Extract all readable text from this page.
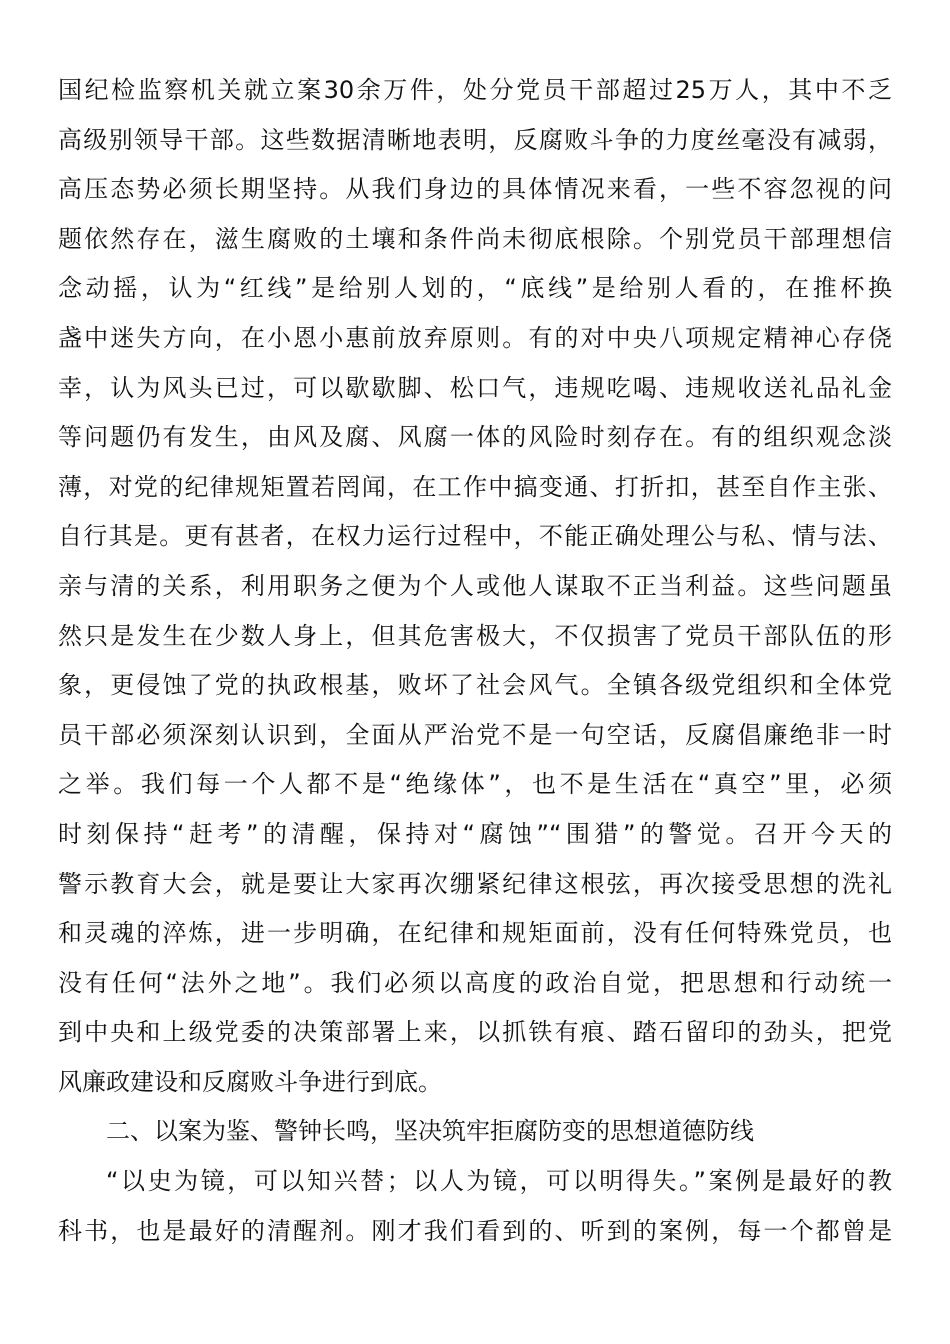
国纪检监察机关就立案30余万件，处分党员干部超过25万人，其中不乏
高级别领导干部。这些数据清晰地表明，反腐败斗争的力度丝毫没有减弱，
高压态势必须长期坚持。从我们身边的具体情况来看，一些不容忽视的问
题依然存在，滋生腐败的土壤和条件尚未彻底根除。个别党员干部理想信
念动摇，认为“红线”是给别人划的，“底线”是给别人看的，在推杯换
盏中迷失方向，在小恩小惠前放弃原则。有的对中央八项规定精神心存侥
幸，认为风头已过，可以歇歇脚、松口气，违规吃喝、违规收送礼品礼金
等问题仍有发生，由风及腐、风腐一体的风险时刻存在。有的组织观念淡
薄，对党的纪律规矩置若罔闻，在工作中搞变通、打折扣，甚至自作主张、
自行其是。更有甚者，在权力运行过程中，不能正确处理公与私、情与法、
亲与清的关系，利用职务之便为个人或他人谋取不正当利益。这些问题虽
然只是发生在少数人身上，但其危害极大，不仅损害了党员干部队伍的形
象，更侵蚀了党的执政根基，败坏了社会风气。全镇各级党组织和全体党
员干部必须深刻认识到，全面从严治党不是一句空话，反腐倡廉绝非一时
之举。我们每一个人都不是“绝缘体”，也不是生活在“真空”里，必须
时刻保持“赶考”的清醒，保持对“腐蚀”“围猎”的警觉。召开今天的
警示教育大会，就是要让大家再次绷紧纪律这根弦，再次接受思想的洗礼
和灵魂的淬炼，进一步明确，在纪律和规矩面前，没有任何特殊党员，也
没有任何“法外之地”。我们必须以高度的政治自觉，把思想和行动统一
到中央和上级党委的决策部署上来，以抓铁有痕、踏石留印的劲头，把党
风廉政建设和反腐败斗争进行到底。
二、以案为鉴、警钟长鸣，坚决筑牢拒腐防变的思想道德防线
“以史为镜，可以知兴替；以人为镜，可以明得失。”案例是最好的教
科书，也是最好的清醒剂。刚才我们看到的、听到的案例，每一个都曾是
